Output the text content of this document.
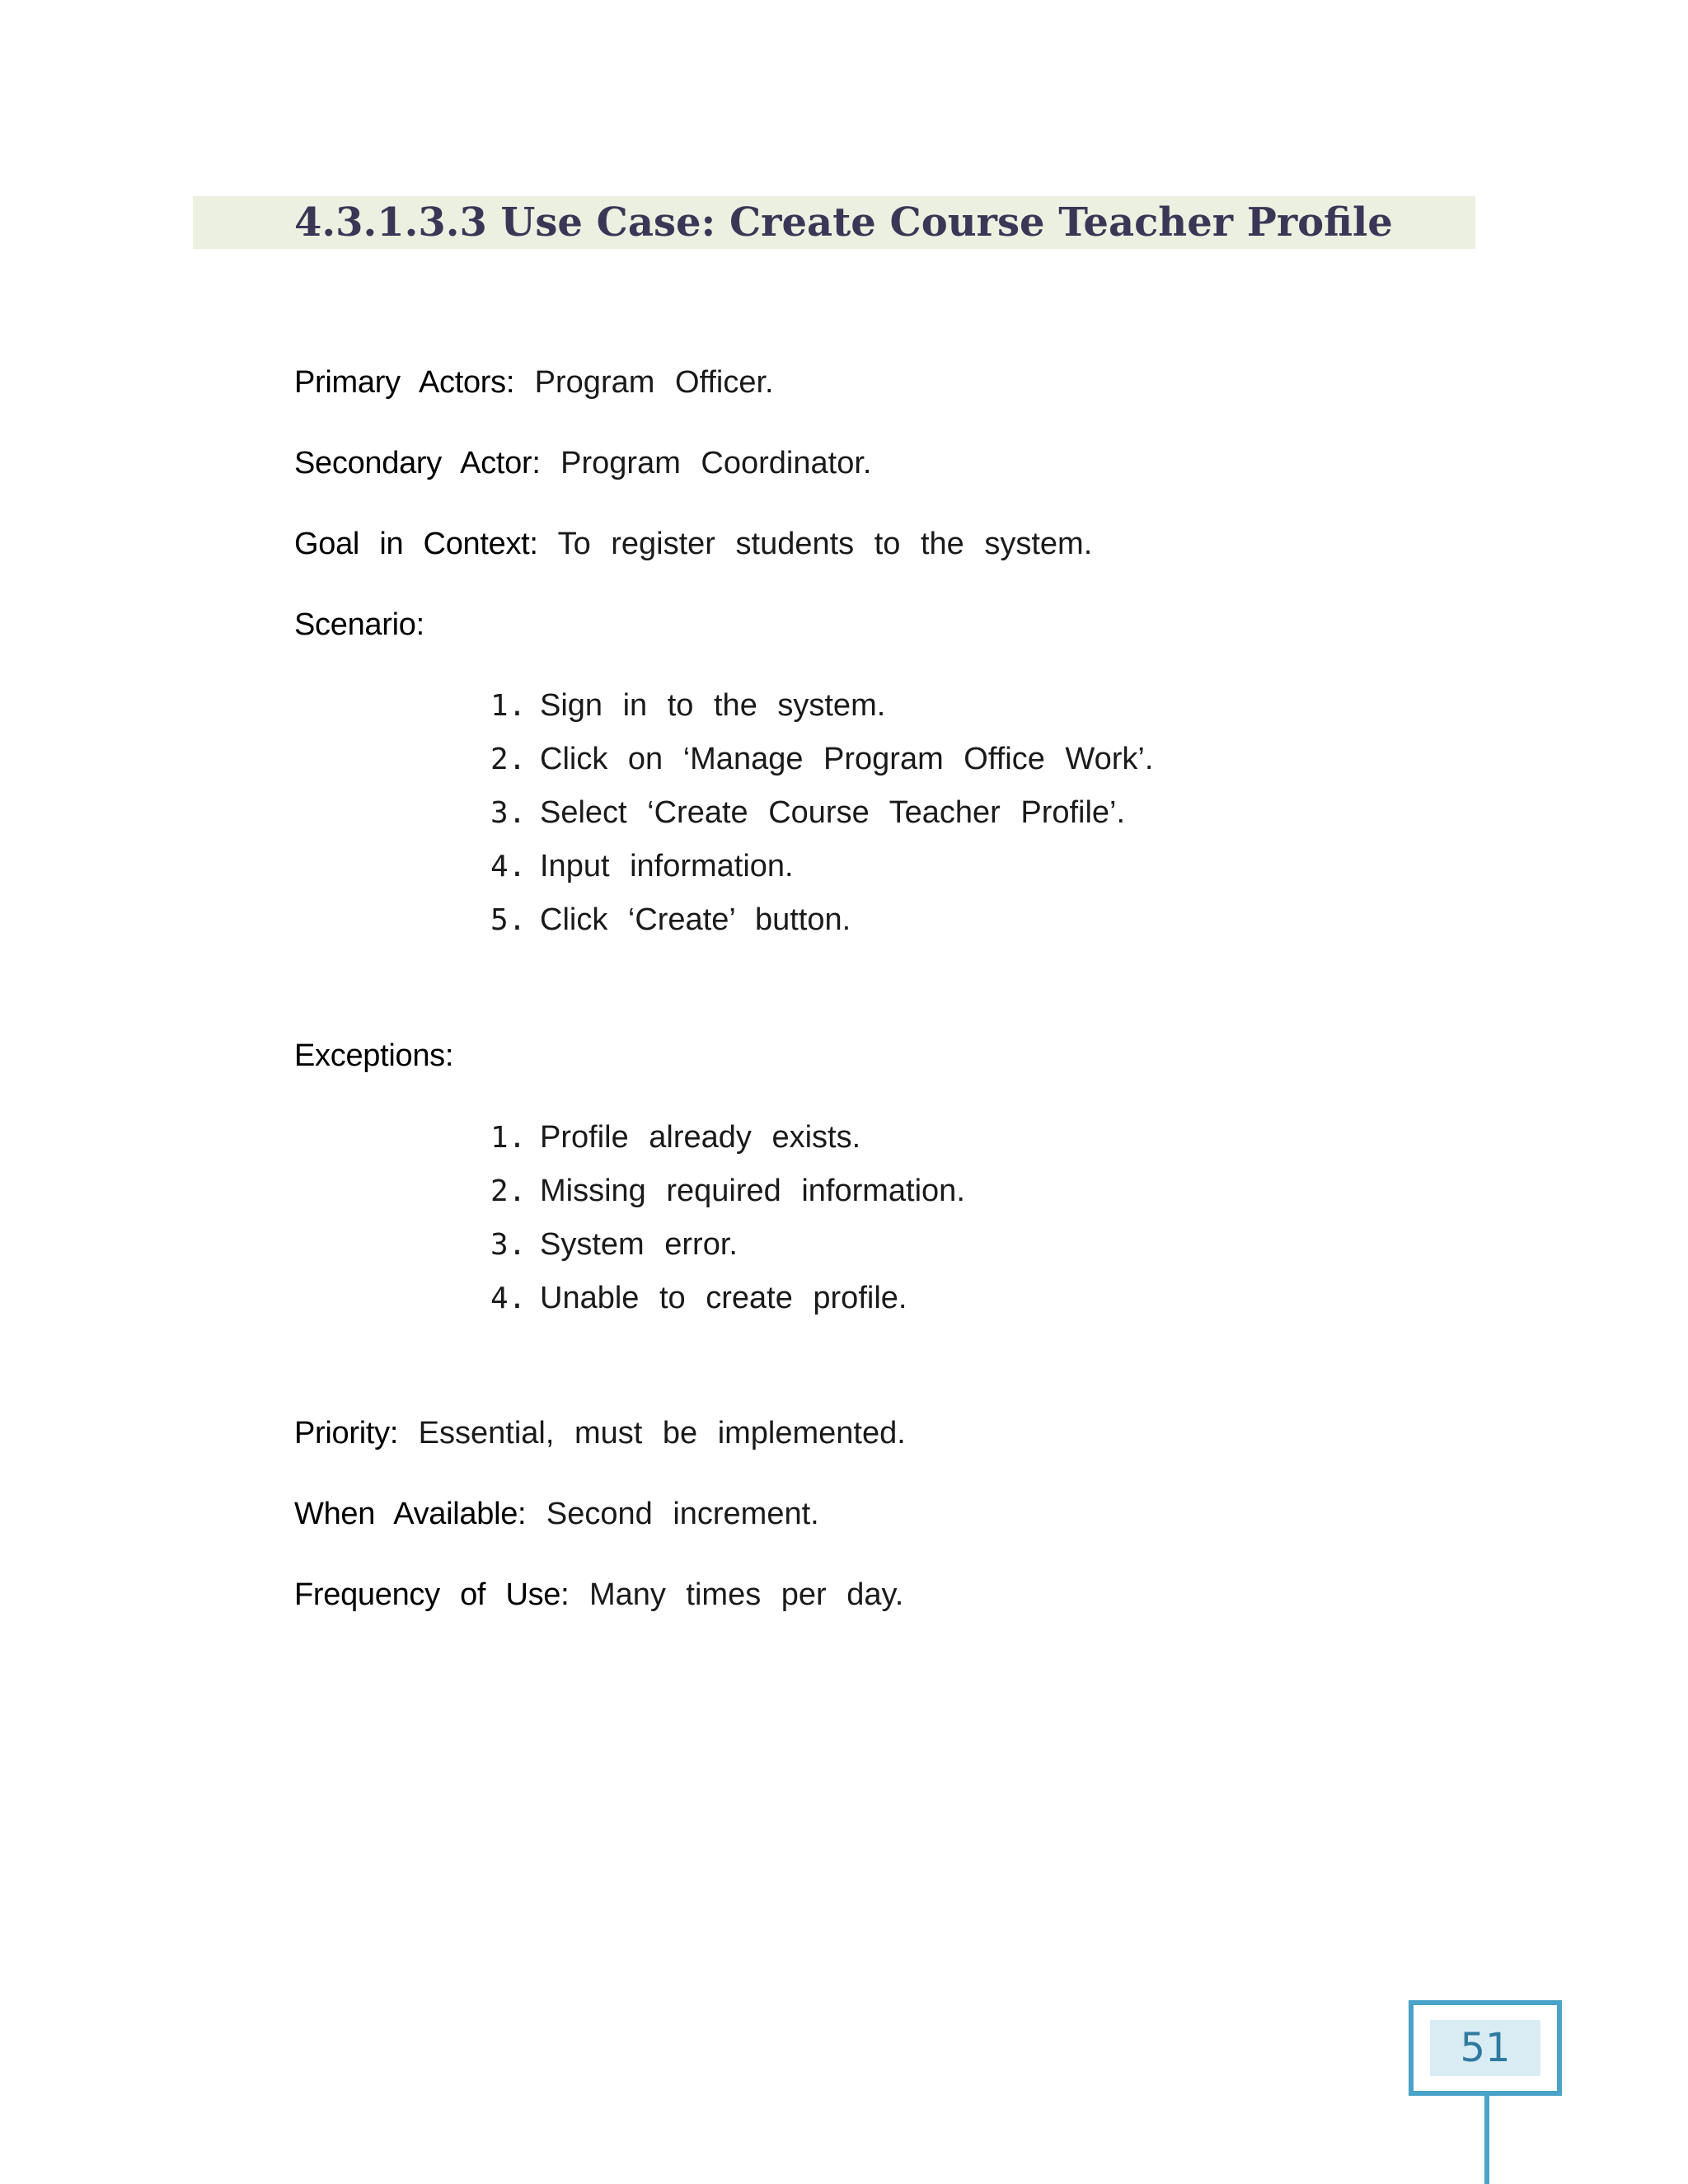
4.3.1.3.3 Use Case: Create Course Teacher Profile
Primary Actors: Program Officer.
Secondary Actor: Program Coordinator.
Goal in Context: To register students to the system.
Scenario:
1. Sign in to the system.
2. Click on ‘Manage Program Office Work’.
3. Select ‘Create Course Teacher Profile’.
4. Input information.
5. Click ‘Create’ button.
Exceptions:
1. Profile already exists.
2. Missing required information.
3. System error.
4. Unable to create profile.
Priority: Essential, must be implemented.
When Available: Second increment.
Frequency of Use: Many times per day.
51
